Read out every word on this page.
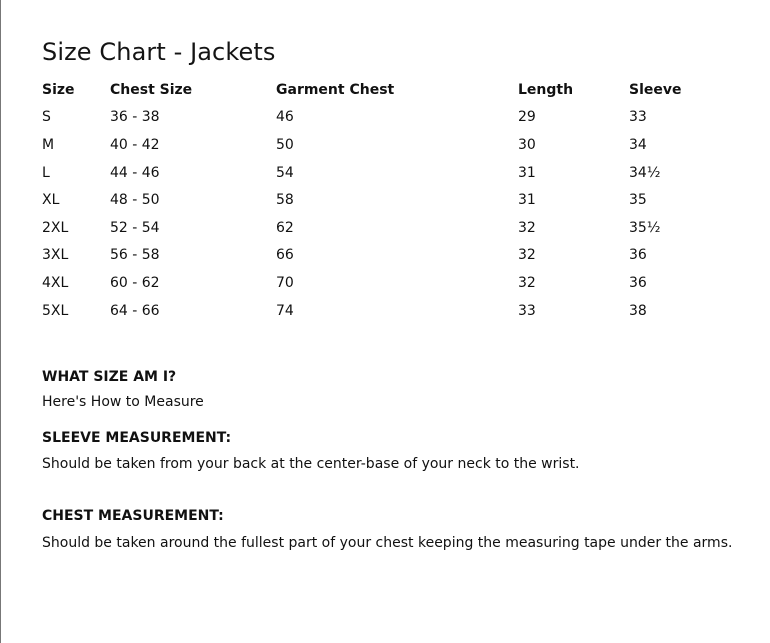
Size Chart - Jackets
Size	Chest Size	Garment Chest	Length	Sleeve
S	36 - 38	46	29	33
M	40 - 42	50	30	34
L	44 - 46	54	31	34½
XL	48 - 50	58	31	35
2XL	52 - 54	62	32	35½
3XL	56 - 58	66	32	36
4XL	60 - 62	70	32	36
5XL	64 - 66	74	33	38
WHAT SIZE AM I?
Here's How to Measure
SLEEVE MEASUREMENT:
Should be taken from your back at the center-base of your neck to the wrist.
CHEST MEASUREMENT:
Should be taken around the fullest part of your chest keeping the measuring tape under the arms.
